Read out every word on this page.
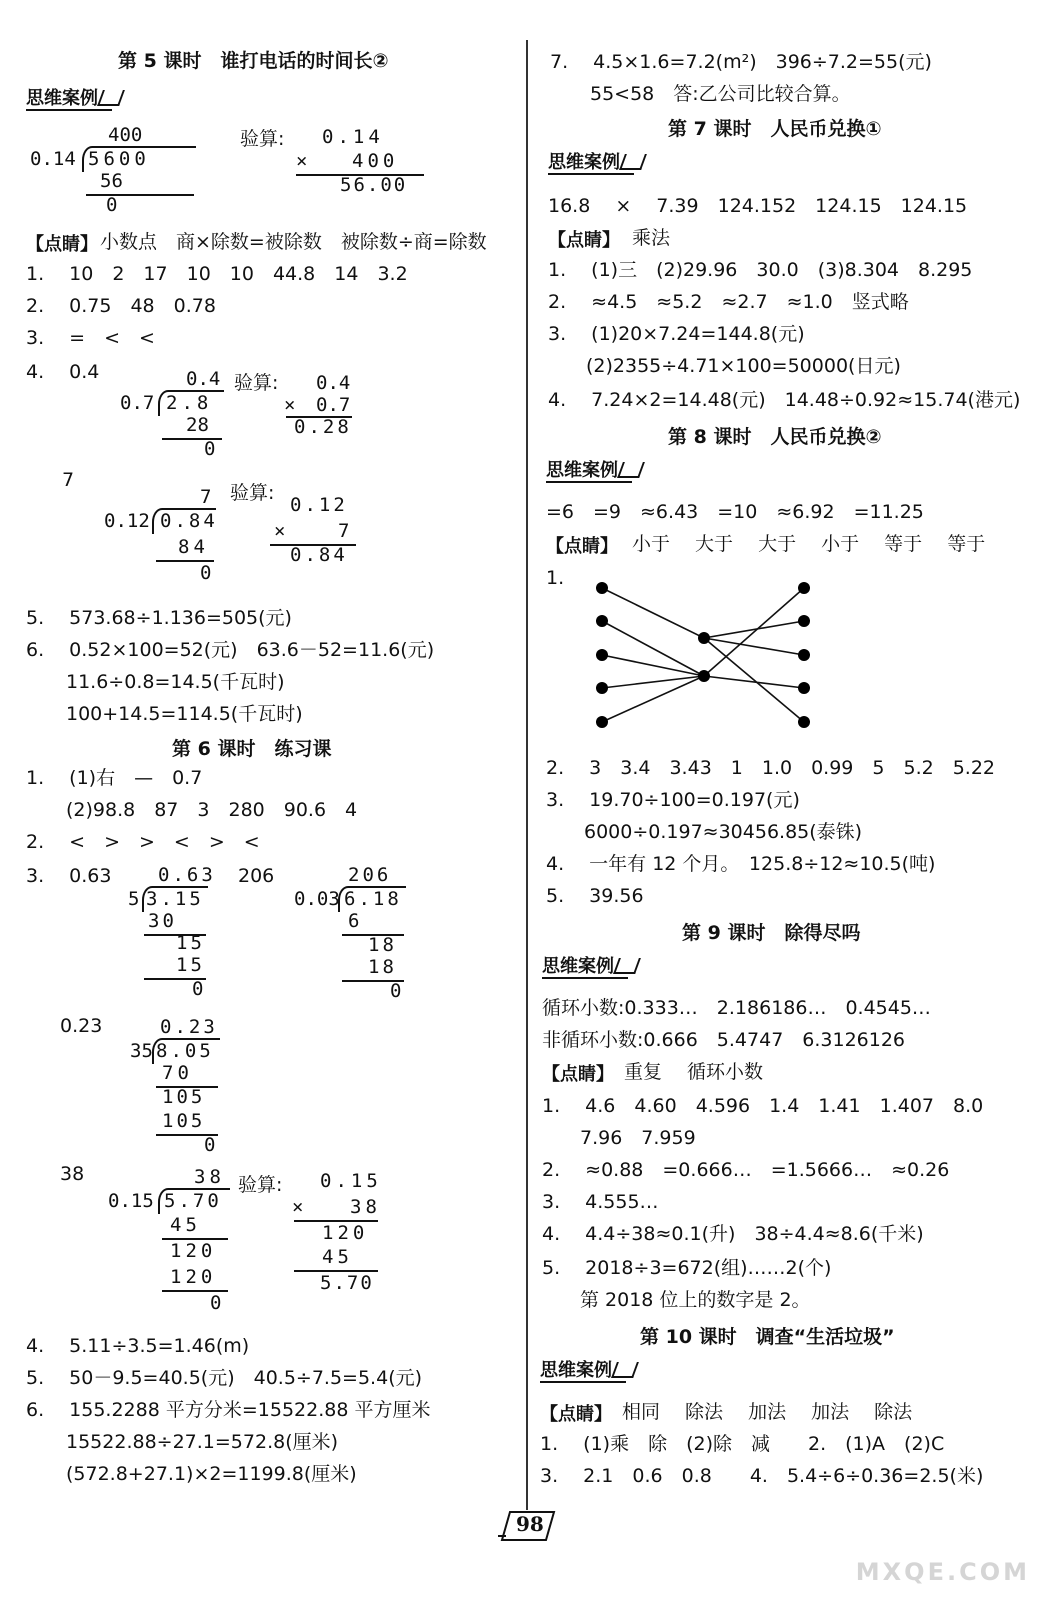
第 5 课时　谁打电话的时间长②
思维案例
400
0.14 5600
56
0
验算: 0.14
× 400
56.00
【点睛】 小数点　商×除数=被除数　被除数÷商=除数
1.　 10　2　17　10　10　44.8　14　3.2
2.　 0.75　48　0.78
3.　 =　<　<
4.　 0.4	0.4
0.7 2.8
28
0
验算: 0.4
× 0.7
0.28
7
7
0.12 0.84
84
0
验算:
0.12
×	7
0.84
5.　 573.68÷1.136=505(元)
6.　 0.52×100=52(元)　63.6－52=11.6(元)
11.6÷0.8=14.5(千瓦时)
100+14.5=114.5(千瓦时)
第 6 课时　练习课
1.　 (1)右　—　0.7
(2)98.8　87　3　280　90.6　4
2.　 <　>　>　<　>　<
3.　 0.63 0.63
5 3.15
30
15
15
0
206	206
0.03 6.18
6
18
18
0
0.23	0.23
35 8.05
70
105
105
0
38	38
0.15 5.70
45
120
120
0
验算: 0.15
× 38
120
45
5.70
4.　 5.11÷3.5=1.46(m)
5.　 50－9.5=40.5(元)　40.5÷7.5=5.4(元)
6.　 155.2288 平方分米=15522.88 平方厘米
15522.88÷27.1=572.8(厘米)
(572.8+27.1)×2=1199.8(厘米)
7.　 4.5×1.6=7.2(m²)　396÷7.2=55(元)
55<58　答:乙公司比较合算。
第 7 课时　人民币兑换①
思维案例
16.8　 ×　 7.39　124.152　124.15　124.15
【点睛】 乘法
1.　 (1)三　(2)29.96　30.0　(3)8.304　8.295
2.　 ≈4.5　≈5.2　≈2.7　≈1.0　竖式略
3.　 (1)20×7.24=144.8(元)
(2)2355÷4.71×100=50000(日元)
4.　 7.24×2=14.48(元)　14.48÷0.92≈15.74(港元)
第 8 课时　人民币兑换②
思维案例
=6　=9　≈6.43　=10　≈6.92　=11.25
【点睛】 小于　 大于　 大于　 小于　 等于　 等于
1.
2.　 3　3.4　3.43　1　1.0　0.99　5　5.2　5.22
3.　 19.70÷100=0.197(元)
6000÷0.197≈30456.85(泰铢)
4.　 一年有 12 个月。　125.8÷12≈10.5(吨)
5.　 39.56
第 9 课时　除得尽吗
思维案例
循环小数:0.333…　2.186186…　0.4545…
非循环小数:0.666　5.4747　6.3126126
【点睛】 重复　 循环小数
1.　 4.6　4.60　4.596　1.4　1.41　1.407　8.0
7.96　7.959
2.　 ≈0.88　=0.666…　=1.5666…　≈0.26
3.　 4.555…
4.　 4.4÷38≈0.1(升)　38÷4.4≈8.6(千米)
5.　 2018÷3=672(组)……2(个)
第 2018 位上的数字是 2。
第 10 课时　调查“生活垃圾”
思维案例
【点睛】 相同　 除法　 加法　 加法　 除法
1.　 (1)乘　除　(2)除　减　　2.　(1)A　(2)C
3.　 2.1　0.6　0.8　　4.　5.4÷6÷0.36=2.5(米)
98
MXQE.COM
